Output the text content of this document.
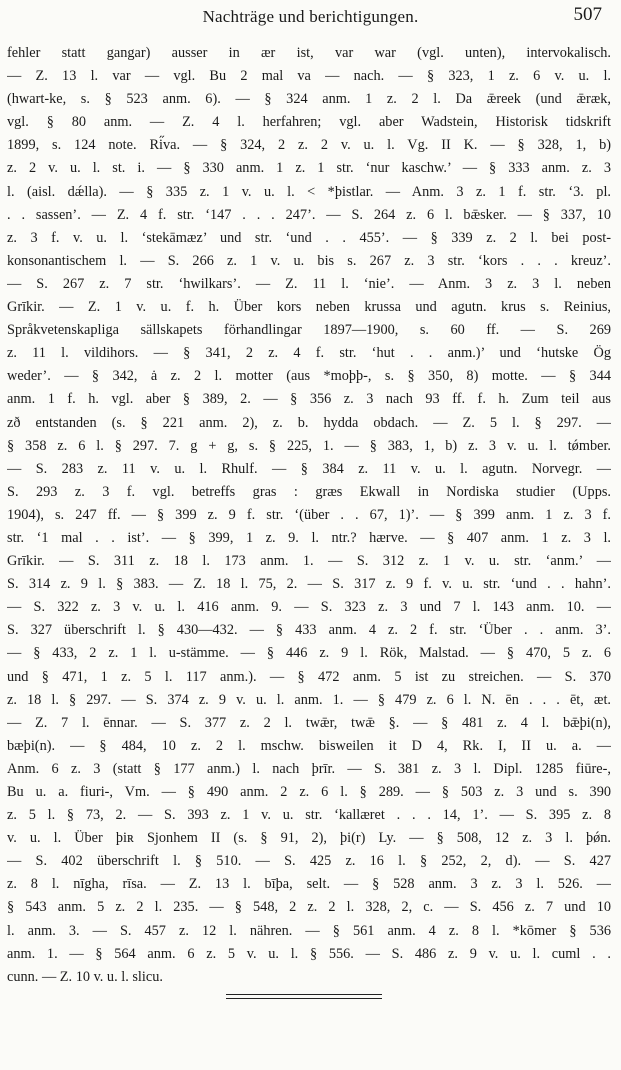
Nachträge und berichtigungen.	507
fehler statt gangar) ausser in ær ist, var war (vgl. unten), intervokalisch.
— Z. 13 l. var — vgl. Bu 2 mal va — nach. — § 323, 1 z. 6 v. u. l.
(hwart-ke, s. § 523 anm. 6). — § 324 anm. 1 z. 2 l. Da ǣreek (und ǣræk,
vgl. § 80 anm. — Z. 4 l. herfahren; vgl. aber Wadstein, Historisk tidskrift
1899, s. 124 note. Ri̋va. — § 324, 2 z. 2 v. u. l. Vg. II K. — § 328, 1, b)
z. 2 v. u. l. st. i. — § 330 anm. 1 z. 1 str. ‘nur kaschw.’ — § 333 anm. z. 3
l. (aisl. dǽlla). — § 335 z. 1 v. u. l. < *þistlar. — Anm. 3 z. 1 f. str. ‘3. pl.
. . sassen’. — Z. 4 f. str. ‘147 . . . 247’. — S. 264 z. 6 l. bǣsker. — § 337, 10
z. 3 f. v. u. l. ‘stekāmæz’ und str. ‘und . . 455’. — § 339 z. 2 l. bei post-
konsonantischem l. — S. 266 z. 1 v. u. bis s. 267 z. 3 str. ‘kors . . . kreuz’.
— S. 267 z. 7 str. ‘hwilkars’. — Z. 11 l. ‘nie’. — Anm. 3 z. 3 l. neben
Grīkir. — Z. 1 v. u. f. h. Über kors neben krussa und agutn. krus s. Reinius,
Språkvetenskapliga sällskapets förhandlingar 1897—1900, s. 60 ff. — S. 269
z. 11 l. vildihors. — § 341, 2 z. 4 f. str. ‘hut . . anm.)’ und ‘hutske Ög
weder’. — § 342, ȧ z. 2 l. motter (aus *moþþ-, s. § 350, 8) motte. — § 344
anm. 1 f. h. vgl. aber § 389, 2. — § 356 z. 3 nach 93 ff. f. h. Zum teil aus
zð entstanden (s. § 221 anm. 2), z. b. hydda obdach. — Z. 5 l. § 297. —
§ 358 z. 6 l. § 297. 7. g + g, s. § 225, 1. — § 383, 1, b) z. 3 v. u. l. tǿmber.
— S. 283 z. 11 v. u. l. Rhulf. — § 384 z. 11 v. u. l. agutn. Norvegr. —
S. 293 z. 3 f. vgl. betreffs gras : græs Ekwall in Nordiska studier (Upps.
1904), s. 247 ff. — § 399 z. 9 f. str. ‘(über . . 67, 1)’. — § 399 anm. 1 z. 3 f.
str. ‘1 mal . . ist’. — § 399, 1 z. 9. l. ntr.? hærve. — § 407 anm. 1 z. 3 l.
Grīkir. — S. 311 z. 18 l. 173 anm. 1. — S. 312 z. 1 v. u. str. ‘anm.’ —
S. 314 z. 9 l. § 383. — Z. 18 l. 75, 2. — S. 317 z. 9 f. v. u. str. ‘und . . hahn’.
— S. 322 z. 3 v. u. l. 416 anm. 9. — S. 323 z. 3 und 7 l. 143 anm. 10. —
S. 327 überschrift l. § 430—432. — § 433 anm. 4 z. 2 f. str. ‘Über . . anm. 3’.
— § 433, 2 z. 1 l. u-stämme. — § 446 z. 9 l. Rök, Malstad. — § 470, 5 z. 6
und § 471, 1 z. 5 l. 117 anm.). — § 472 anm. 5 ist zu streichen. — S. 370
z. 18 l. § 297. — S. 374 z. 9 v. u. l. anm. 1. — § 479 z. 6 l. N. ēn . . . ēt, æt.
— Z. 7 l. ēnnar. — S. 377 z. 2 l. twǣr, twǣ §. — § 481 z. 4 l. bǣþi(n),
bæþi(n). — § 484, 10 z. 2 l. mschw. bisweilen it D 4, Rk. I, II u. a. —
Anm. 6 z. 3 (statt § 177 anm.) l. nach þrīr. — S. 381 z. 3 l. Dipl. 1285 fiūre-,
Bu u. a. fiuri-, Vm. — § 490 anm. 2 z. 6 l. § 289. — § 503 z. 3 und s. 390
z. 5 l. § 73, 2. — S. 393 z. 1 v. u. str. ‘kallæret . . . 14, 1’. — S. 395 z. 8
v. u. l. Über þiʀ Sjonhem II (s. § 91, 2), þi(r) Ly. — § 508, 12 z. 3 l. þǿn.
— S. 402 überschrift l. § 510. — S. 425 z. 16 l. § 252, 2, d). — S. 427
z. 8 l. nīgha, rīsa. — Z. 13 l. bīþa, selt. — § 528 anm. 3 z. 3 l. 526. —
§ 543 anm. 5 z. 2 l. 235. — § 548, 2 z. 2 l. 328, 2, c. — S. 456 z. 7 und 10
l. anm. 3. — S. 457 z. 12 l. nähren. — § 561 anm. 4 z. 8 l. *kōmer § 536
anm. 1. — § 564 anm. 6 z. 5 v. u. l. § 556. — S. 486 z. 9 v. u. l. cuml . .
cunn. — Z. 10 v. u. l. slicu.
